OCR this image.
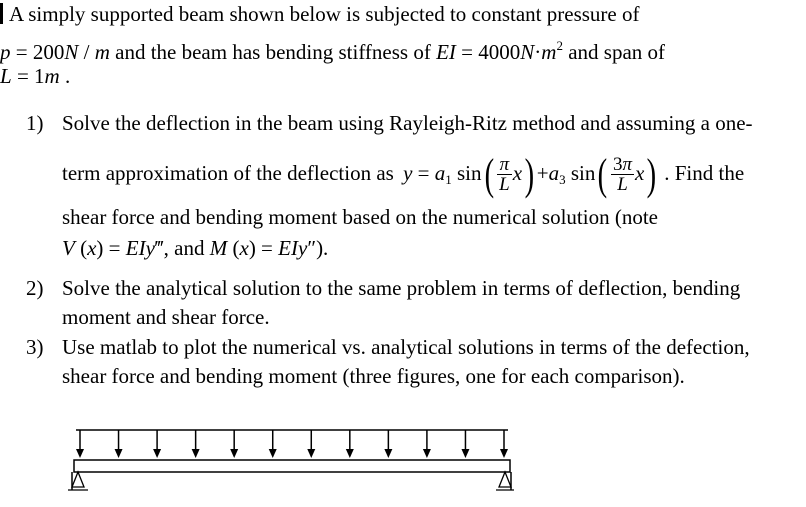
A simply supported beam shown below is subjected to constant pressure of
p = 200N / m and the beam has bending stiffness of EI = $4000N\cdot m^2$ and span of
L = 1m .
1) Solve the deflection in the beam using Rayleigh-Ritz method and assuming a one-
term approximation of the deflection as $y = a_1$ $\sin( \frac{\pi}{L} x) +a_3$ $\sin( \frac{3\pi}{L} x)$ . Find the
shear force and bending moment based on the numerical solution (note
V (x) = EIy‴, and M (x) = EIy″).
2) Solve the analytical solution to the same problem in terms of deflection, bending
moment and shear force.
3) Use matlab to plot the numerical vs. analytical solutions in terms of the defection,
shear force and bending moment (three figures, one for each comparison).
